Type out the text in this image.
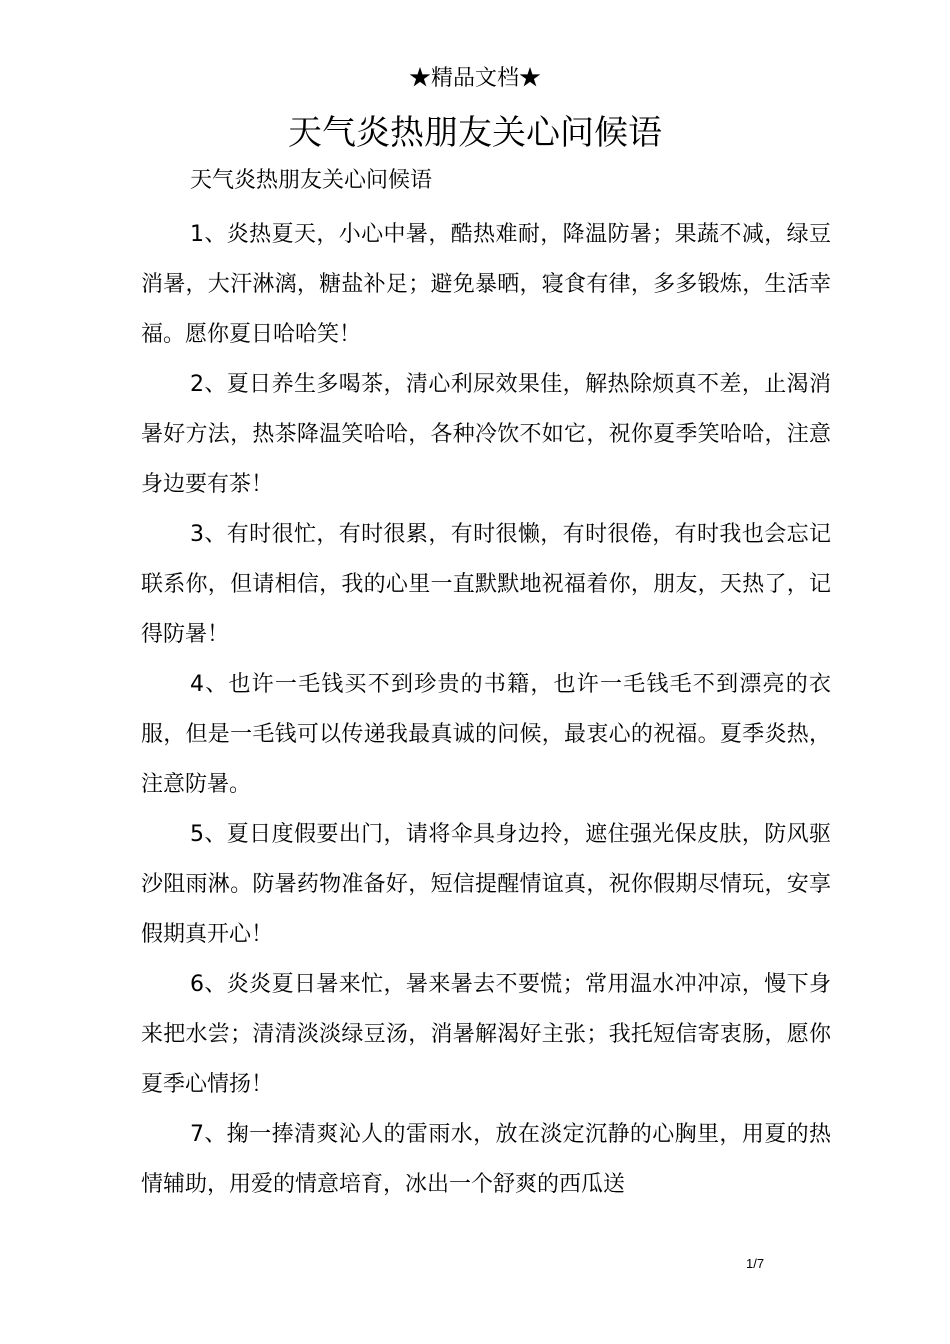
★精品文档★
天气炎热朋友关心问候语
天气炎热朋友关心问候语

1、炎热夏天，小心中暑，酷热难耐，降温防暑；果蔬不减，绿豆消暑，大汗淋漓，糖盐补足；避免暴晒，寝食有律，多多锻炼，生活幸福。愿你夏日哈哈笑！

2、夏日养生多喝茶，清心利尿效果佳，解热除烦真不差，止渴消暑好方法，热茶降温笑哈哈，各种冷饮不如它，祝你夏季笑哈哈，注意身边要有茶！

3、有时很忙，有时很累，有时很懒，有时很倦，有时我也会忘记联系你，但请相信，我的心里一直默默地祝福着你，朋友，天热了，记得防暑！

4、也许一毛钱买不到珍贵的书籍，也许一毛钱毛不到漂亮的衣服，但是一毛钱可以传递我最真诚的问候，最衷心的祝福。夏季炎热，注意防暑。

5、夏日度假要出门，请将伞具身边拎，遮住强光保皮肤，防风驱沙阻雨淋。防暑药物准备好，短信提醒情谊真，祝你假期尽情玩，安享假期真开心！

6、炎炎夏日暑来忙，暑来暑去不要慌；常用温水冲冲凉，慢下身来把水尝；清清淡淡绿豆汤，消暑解渴好主张；我托短信寄衷肠，愿你夏季心情扬！

7、掬一捧清爽沁人的雷雨水，放在淡定沉静的心胸里，用夏的热情辅助，用爱的情意培育，冰出一个舒爽的西瓜送

1/7
